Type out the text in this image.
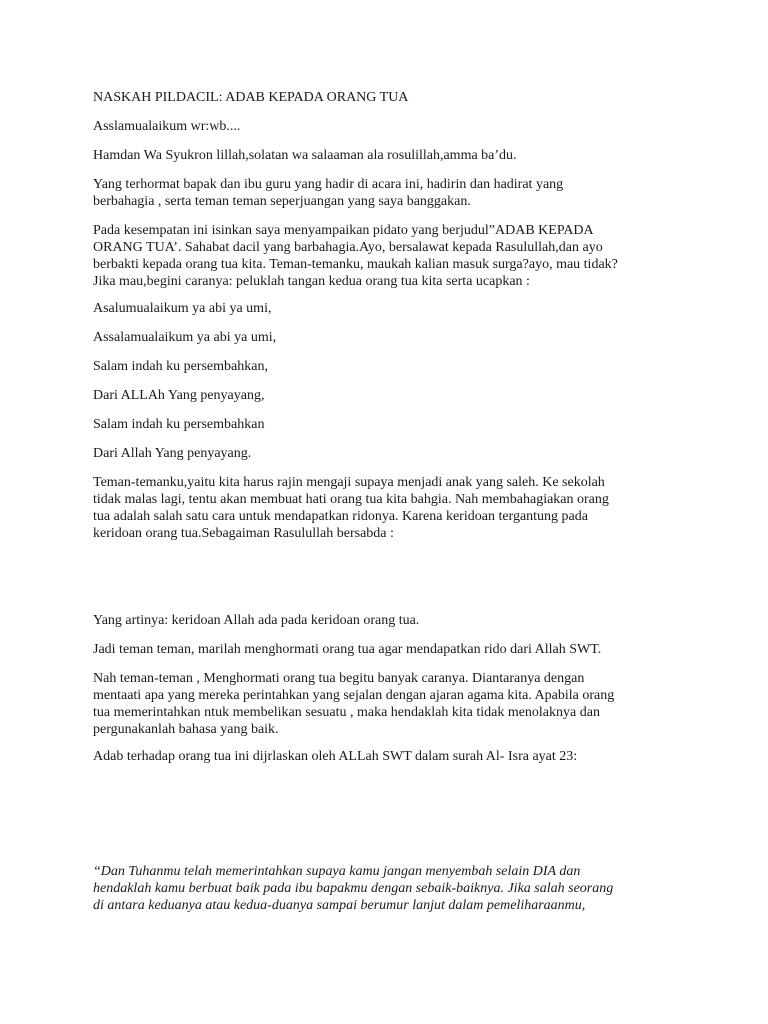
NASKAH PILDACIL: ADAB KEPADA ORANG TUA

Asslamualaikum wr:wb....

Hamdan Wa Syukron lillah,solatan wa salaaman ala rosulillah,amma ba’du.

Yang terhormat bapak dan ibu guru yang hadir di acara ini, hadirin dan hadirat yang
berbahagia , serta teman teman seperjuangan yang saya banggakan.

Pada kesempatan ini isinkan saya menyampaikan pidato yang berjudul”ADAB KEPADA
ORANG TUA’. Sahabat dacil yang barbahagia.Ayo, bersalawat kepada Rasulullah,dan ayo
berbakti kepada orang tua kita. Teman-temanku, maukah kalian masuk surga?ayo, mau tidak?
Jika mau,begini caranya: peluklah tangan kedua orang tua kita serta ucapkan :

Asalumualaikum ya abi ya umi,

Assalamualaikum ya abi ya umi,

Salam indah ku persembahkan,

Dari ALLAh Yang penyayang,

Salam indah ku persembahkan

Dari Allah Yang penyayang.

Teman-temanku,yaitu kita harus rajin mengaji supaya menjadi anak yang saleh. Ke sekolah
tidak malas lagi, tentu akan membuat hati orang tua kita bahgia. Nah membahagiakan orang
tua adalah salah satu cara untuk mendapatkan ridonya. Karena keridoan tergantung pada
keridoan orang tua.Sebagaiman Rasulullah bersabda :

Yang artinya: keridoan Allah ada pada keridoan orang tua.

Jadi teman teman, marilah menghormati orang tua agar mendapatkan rido dari Allah SWT.

Nah teman-teman , Menghormati orang tua begitu banyak caranya. Diantaranya dengan
mentaati apa yang mereka perintahkan yang sejalan dengan ajaran agama kita. Apabila orang
tua memerintahkan ntuk membelikan sesuatu , maka hendaklah kita tidak menolaknya dan
pergunakanlah bahasa yang baik.

Adab terhadap orang tua ini dijrlaskan oleh ALLah SWT dalam surah Al- Isra ayat 23:

“Dan Tuhanmu telah memerintahkan supaya kamu jangan menyembah selain DIA dan
hendaklah kamu berbuat baik pada ibu bapakmu dengan sebaik-baiknya. Jika salah seorang
di antara keduanya atau kedua-duanya sampai berumur lanjut dalam pemeliharaanmu,
